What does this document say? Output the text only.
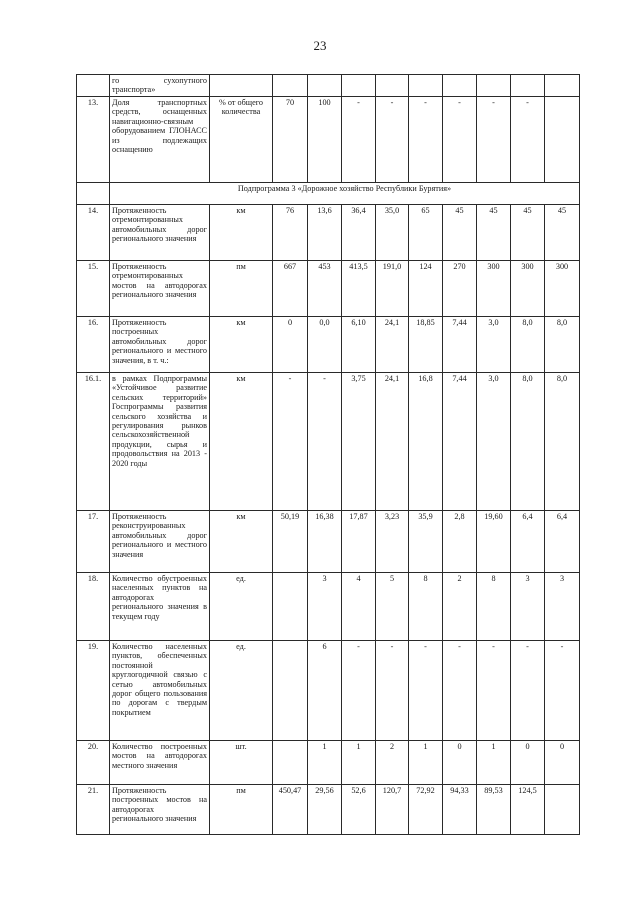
23
	го сухопутного транспорта»										
13.	Доля транспортных средств, оснащенных навигационно-связным оборудованием ГЛОНАСС из подлежащих оснащению	% от общего количества	70	100	-	-	-	-	-	-	
	Подпрограмма 3 «Дорожное хозяйство Республики Бурятия»										
14.	Протяженность отремонтированных автомобильных дорог регионального значения	км	76	13,6	36,4	35,0	65	45	45	45	45
15.	Протяженность отремонтированных мостов на автодорогах регионального значения	пм	667	453	413,5	191,0	124	270	300	300	300
16.	Протяженность построенных автомобильных дорог регионального и местного значения, в т. ч.:	км	0	0,0	6,10	24,1	18,85	7,44	3,0	8,0	8,0
16.1.	в рамках Подпрограммы «Устойчивое развитие сельских территорий» Госпрограммы развития сельского хозяйства и регулирования рынков сельскохозяйственной продукции, сырья и продовольствия на 2013 - 2020 годы	км	-	-	3,75	24,1	16,8	7,44	3,0	8,0	8,0
17.	Протяженность реконструированных автомобильных дорог регионального и местного значения	км	50,19	16,38	17,87	3,23	35,9	2,8	19,60	6,4	6,4
18.	Количество обустроенных населенных пунктов на автодорогах регионального значения в текущем году	ед.		3	4	5	8	2	8	3	3
19.	Количество населенных пунктов, обеспеченных постоянной круглогодичной связью с сетью автомобильных дорог общего пользования по дорогам с твердым покрытием	ед.		6	-	-	-	-	-	-	-
20.	Количество построенных мостов на автодорогах местного значения	шт.		1	1	2	1	0	1	0	0
21.	Протяженность построенных мостов на автодорогах регионального значения	пм	450,47	29,56	52,6	120,7	72,92	94,33	89,53	124,5	
